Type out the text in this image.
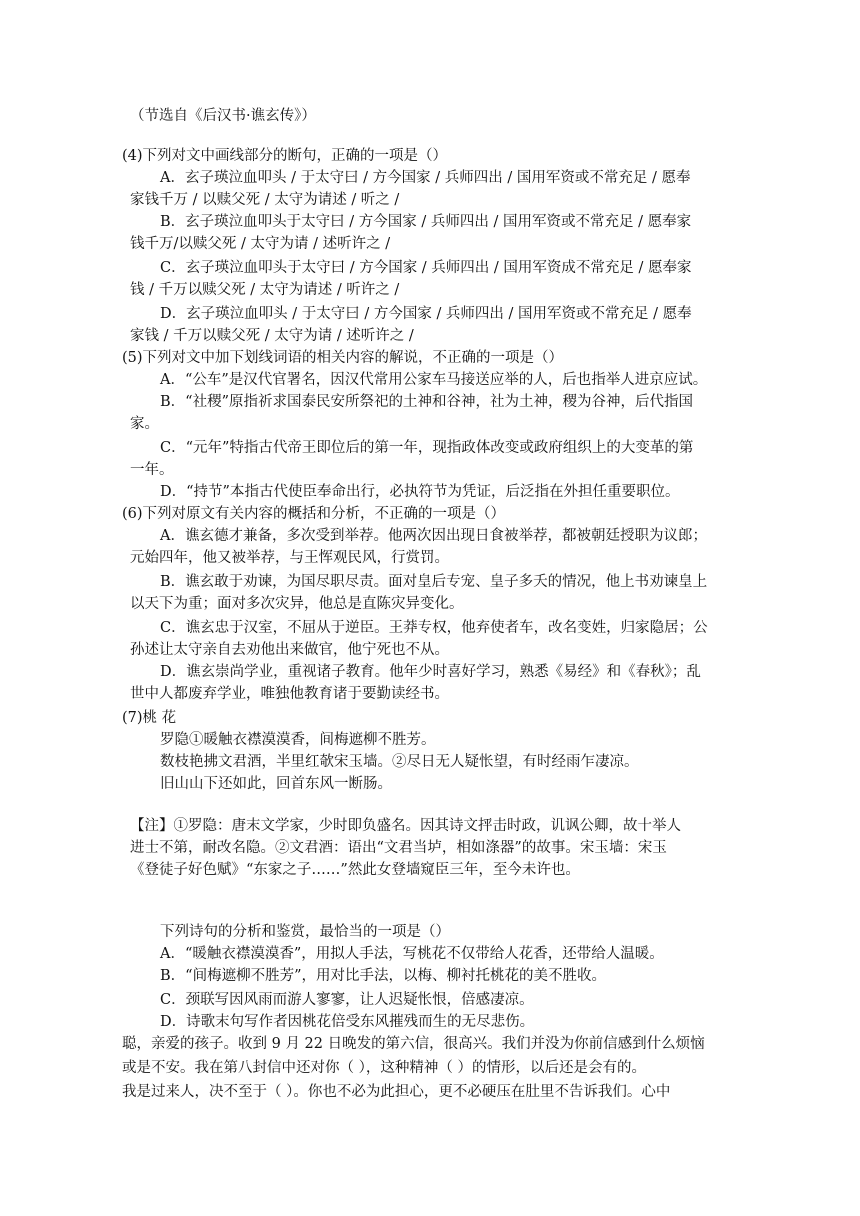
（节选自《后汉书·谯玄传》）
(4)下列对文中画线部分的断句，正确的一项是（）
A．玄子瑛泣血叩头 / 于太守曰 / 方今国家 / 兵师四出 / 国用军资或不常充足 / 愿奉
家钱千万 / 以赎父死 / 太守为请述 / 听之 /
B．玄子瑛泣血叩头于太守曰 / 方今国家 / 兵师四出 / 国用军资或不常充足 / 愿奉家
钱千万/以赎父死 / 太守为请 / 述听许之 /
C．玄子瑛泣血叩头于太守曰 / 方今国家 / 兵师四出 / 国用军资成不常充足 / 愿奉家
钱 / 千万以赎父死 / 太守为请述 / 听许之 /
D．玄子瑛泣血叩头 / 于太守曰 / 方今国家 / 兵师四出 / 国用军资或不常充足 / 愿奉
家钱 / 千万以赎父死 / 太守为请 / 述听许之 /
(5)下列对文中加下划线词语的相关内容的解说，不正确的一项是（）
A．“公车”是汉代官署名，因汉代常用公家车马接送应举的人，后也指举人进京应试。
B．“社稷”原指祈求国泰民安所祭祀的土神和谷神，社为土神，稷为谷神，后代指国
家。
C．“元年”特指古代帝王即位后的第一年，现指政体改变或政府组织上的大变革的第
一年。
D．“持节”本指古代使臣奉命出行，必执符节为凭证，后泛指在外担任重要职位。
(6)下列对原文有关内容的概括和分析，不正确的一项是（）
A．谯玄德才兼备，多次受到举荐。他两次因出现日食被举荐，都被朝廷授职为议郎；
元始四年，他又被举荐，与王恽观民风，行赏罚。
B．谯玄敢于劝谏，为国尽职尽责。面对皇后专宠、皇子多夭的情况，他上书劝谏皇上
以天下为重；面对多次灾异，他总是直陈灾异变化。
C．谯玄忠于汉室，不屈从于逆臣。王莽专权，他弃使者车，改名变姓，归家隐居；公
孙述让太守亲自去劝他出来做官，他宁死也不从。
D．谯玄崇尚学业，重视诸子教育。他年少时喜好学习，熟悉《易经》和《春秋》；乱
世中人都废弃学业，唯独他教育诸于要勤读经书。
(7)桃 花
罗隐①暖触衣襟漠漠香，间梅遮柳不胜芳。
数枝艳拂文君酒，半里红欹宋玉墙。②尽日无人疑怅望，有时经雨乍凄凉。
旧山山下还如此，回首东风一断肠。
【注】①罗隐：唐末文学家，少时即负盛名。因其诗文抨击时政，讥讽公卿，故十举人
进士不第，耐改名隐。②文君酒：语出“文君当垆，相如涤器”的故事。宋玉墙：宋玉
《登徒子好色赋》“东家之子……”然此女登墙窥臣三年，至今未许也。
下列诗句的分析和鉴赏，最恰当的一项是（）
A．“暖触衣襟漠漠香”，用拟人手法，写桃花不仅带给人花香，还带给人温暖。
B．“间梅遮柳不胜芳”，用对比手法，以梅、柳衬托桃花的美不胜收。
C．颈联写因风雨而游人寥寥，让人迟疑怅恨，倍感凄凉。
D．诗歌末句写作者因桃花倍受东风摧残而生的无尽悲伤。
聪，亲爱的孩子。收到 9 月 22 日晚发的第六信，很高兴。我们并没为你前信感到什么烦恼
或是不安。我在第八封信中还对你（ ），这种精神（ ）的情形，以后还是会有的。
我是过来人，决不至于（ ）。你也不必为此担心，更不必硬压在肚里不告诉我们。心中
